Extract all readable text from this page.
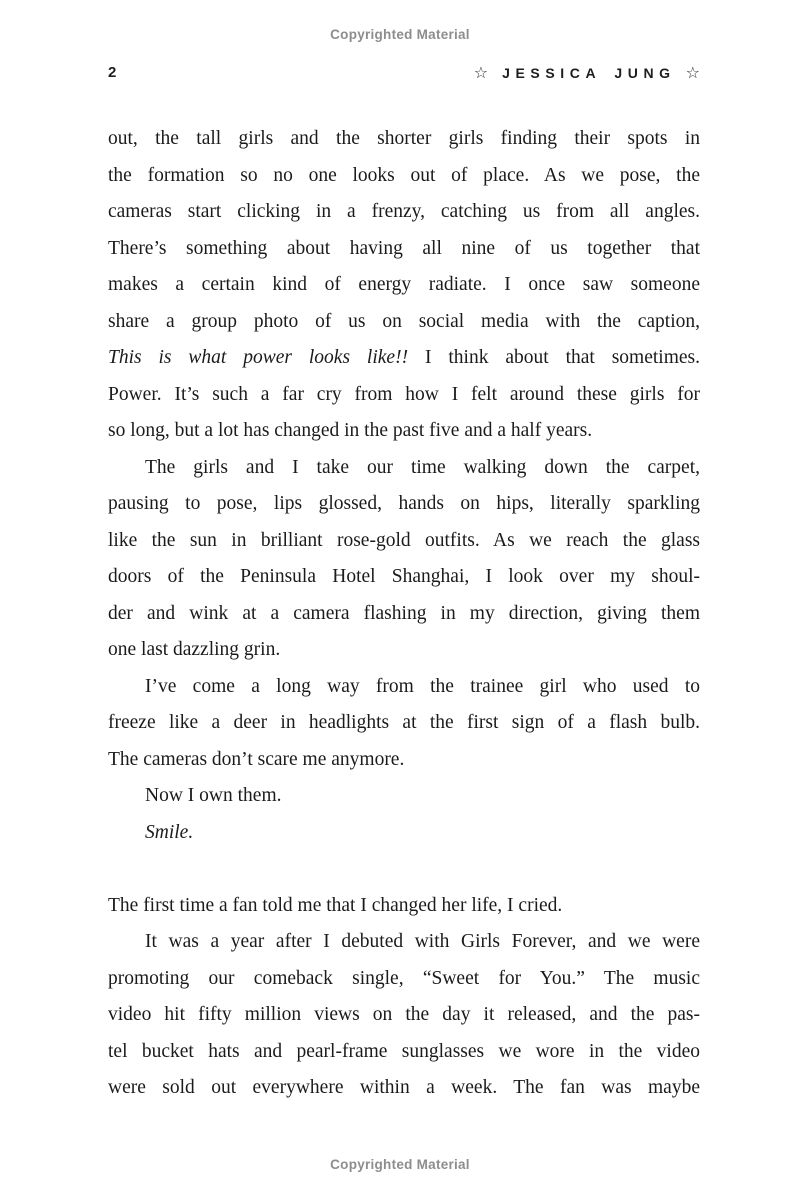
Copyrighted Material
2	☆ JESSICA JUNG ☆
out, the tall girls and the shorter girls finding their spots in
the formation so no one looks out of place. As we pose, the
cameras start clicking in a frenzy, catching us from all angles.
There’s something about having all nine of us together that
makes a certain kind of energy radiate. I once saw someone
share a group photo of us on social media with the caption,
This is what power looks like!! I think about that sometimes.
Power. It’s such a far cry from how I felt around these girls for
so long, but a lot has changed in the past five and a half years.
The girls and I take our time walking down the carpet,
pausing to pose, lips glossed, hands on hips, literally sparkling
like the sun in brilliant rose-gold outfits. As we reach the glass
doors of the Peninsula Hotel Shanghai, I look over my shoul-
der and wink at a camera flashing in my direction, giving them
one last dazzling grin.
I’ve come a long way from the trainee girl who used to
freeze like a deer in headlights at the first sign of a flash bulb.
The cameras don’t scare me anymore.
Now I own them.
Smile.
The first time a fan told me that I changed her life, I cried.
It was a year after I debuted with Girls Forever, and we were
promoting our comeback single, “Sweet for You.” The music
video hit fifty million views on the day it released, and the pas-
tel bucket hats and pearl-frame sunglasses we wore in the video
were sold out everywhere within a week. The fan was maybe
Copyrighted Material
